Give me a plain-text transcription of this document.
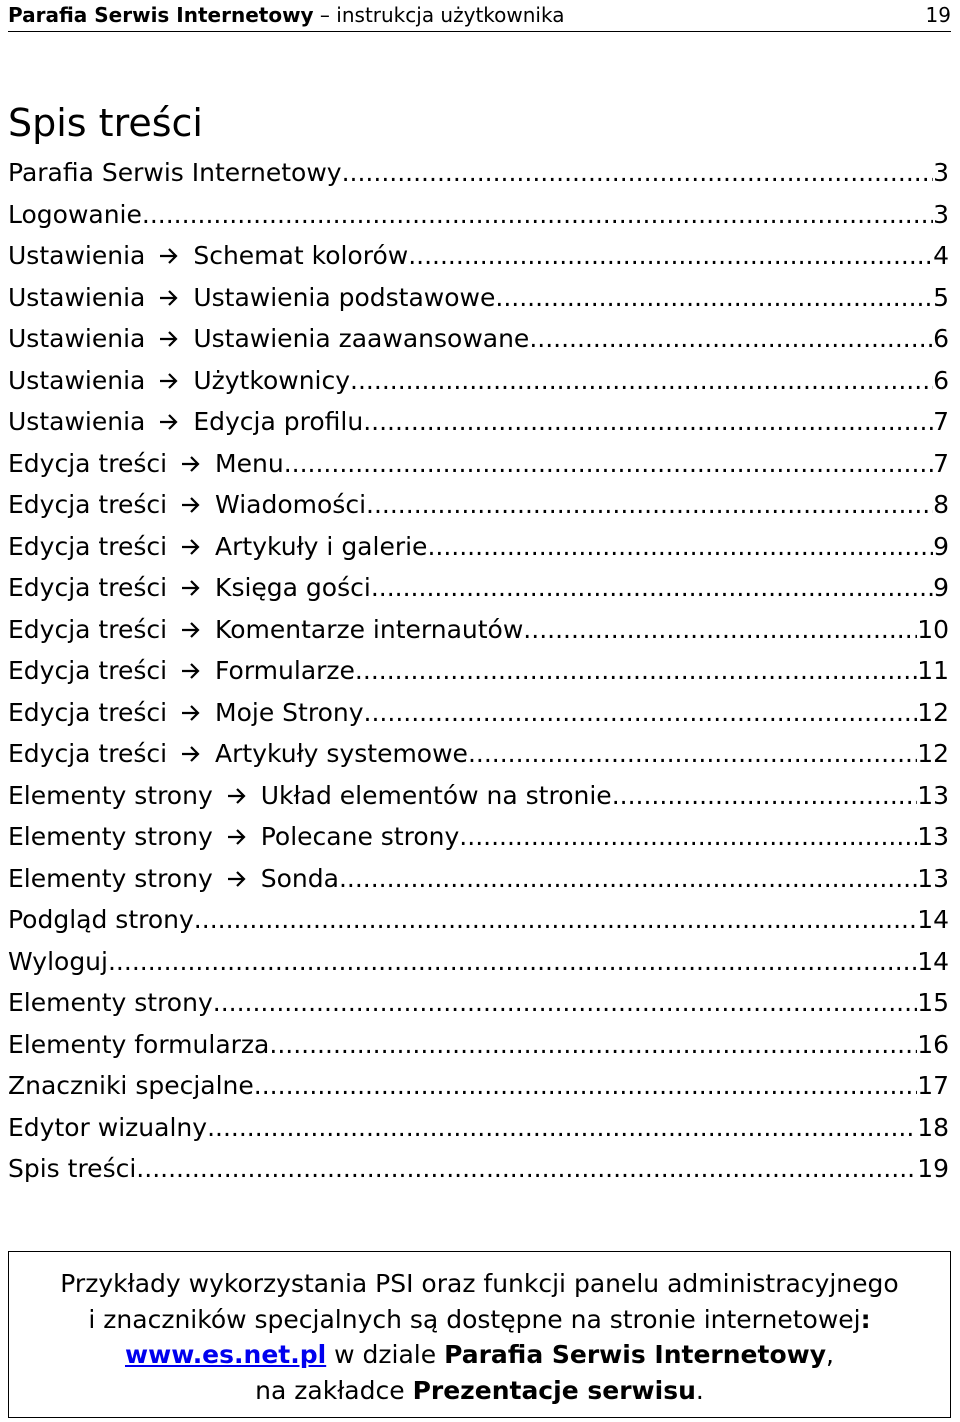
Parafia Serwis Internetowy – instrukcja użytkownika	19
Spis treści
Parafia Serwis Internetowy .....	3
Logowanie .....	3
Ustawienia Schemat kolorów .....	4
Ustawienia Ustawienia podstawowe .....	5
Ustawienia Ustawienia zaawansowane .....	6
Ustawienia Użytkownicy .....	6
Ustawienia Edycja profilu .....	7
Edycja treści Menu .....	7
Edycja treści Wiadomości .....	8
Edycja treści Artykuły i galerie .....	9
Edycja treści Księga gości .....	9
Edycja treści Komentarze internautów .....	10
Edycja treści Formularze .....	11
Edycja treści Moje Strony .....	12
Edycja treści Artykuły systemowe .....	12
Elementy strony Układ elementów na stronie .....	13
Elementy strony Polecane strony .....	13
Elementy strony Sonda .....	13
Podgląd strony .....	14
Wyloguj .....	14
Elementy strony .....	15
Elementy formularza .....	16
Znaczniki specjalne .....	17
Edytor wizualny .....	18
Spis treści .....	19
Przykłady wykorzystania PSI oraz funkcji panelu administracyjnego
i znaczników specjalnych są dostępne na stronie internetowej:
www.es.net.pl w dziale Parafia Serwis Internetowy,
na zakładce Prezentacje serwisu.
